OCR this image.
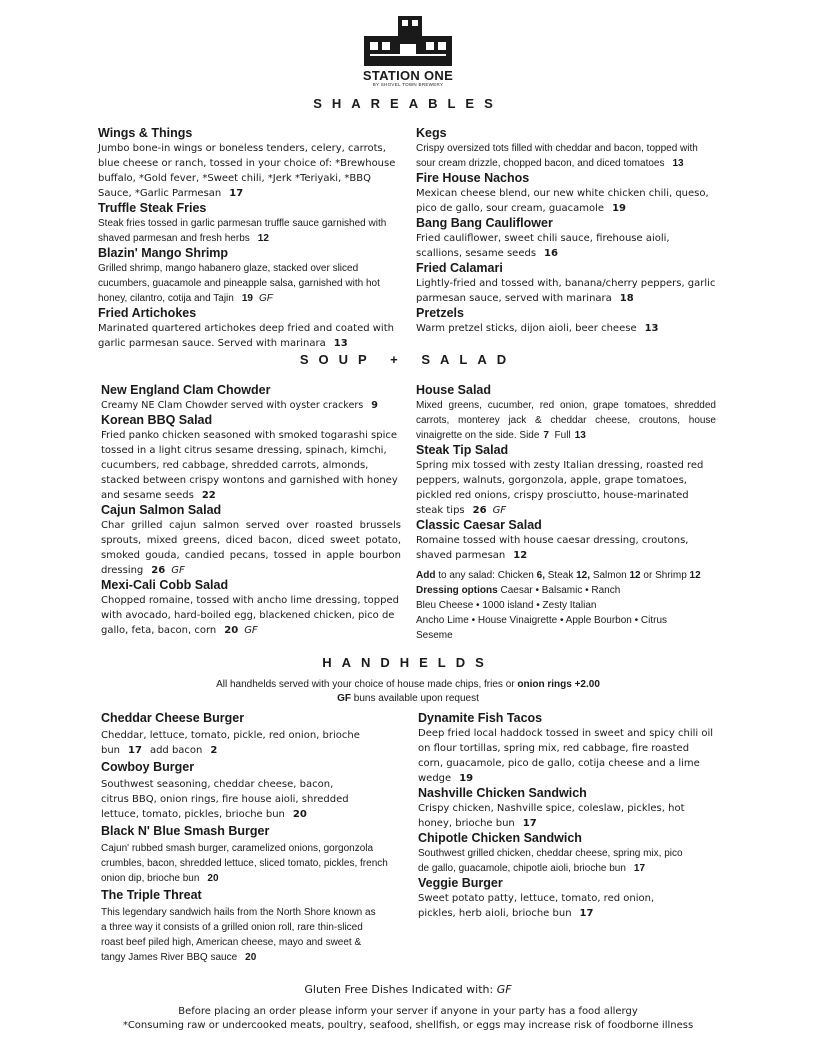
STATION ONE
BY SHOVEL TOWN BREWERY
SHAREABLES
Wings & Things
Jumbo bone-in wings or boneless tenders, celery, carrots, blue cheese or ranch, tossed in your choice of: *Brewhouse buffalo, *Gold fever, *Sweet chili, *Jerk *Teriyaki, *BBQ Sauce, *Garlic Parmesan 17
Truffle Steak Fries
Steak fries tossed in garlic parmesan truffle sauce garnished with shaved parmesan and fresh herbs 12
Blazin' Mango Shrimp
Grilled shrimp, mango habanero glaze, stacked over sliced cucumbers, guacamole and pineapple salsa, garnished with hot honey, cilantro, cotija and Tajin 19 GF
Fried Artichokes
Marinated quartered artichokes deep fried and coated with garlic parmesan sauce. Served with marinara 13
Kegs
Crispy oversized tots filled with cheddar and bacon, topped with sour cream drizzle, chopped bacon, and diced tomatoes 13
Fire House Nachos
Mexican cheese blend, our new white chicken chili, queso, pico de gallo, sour cream, guacamole 19
Bang Bang Cauliflower
Fried cauliflower, sweet chili sauce, firehouse aioli, scallions, sesame seeds 16
Fried Calamari
Lightly-fried and tossed with, banana/cherry peppers, garlic parmesan sauce, served with marinara 18
Pretzels
Warm pretzel sticks, dijon aioli, beer cheese 13
SOUP + SALAD
New England Clam Chowder
Creamy NE Clam Chowder served with oyster crackers 9
Korean BBQ Salad
Fried panko chicken seasoned with smoked togarashi spice tossed in a light citrus sesame dressing, spinach, kimchi, cucumbers, red cabbage, shredded carrots, almonds, stacked between crispy wontons and garnished with honey and sesame seeds 22
Cajun Salmon Salad
Char grilled cajun salmon served over roasted brussels sprouts, mixed greens, diced bacon, diced sweet potato, smoked gouda, candied pecans, tossed in apple bourbon dressing 26 GF
Mexi-Cali Cobb Salad
Chopped romaine, tossed with ancho lime dressing, topped with avocado, hard-boiled egg, blackened chicken, pico de gallo, feta, bacon, corn 20 GF
House Salad
Mixed greens, cucumber, red onion, grape tomatoes, shredded carrots, monterey jack & cheddar cheese, croutons, house vinaigrette on the side. Side 7 Full 13
Steak Tip Salad
Spring mix tossed with zesty Italian dressing, roasted red peppers, walnuts, gorgonzola, apple, grape tomatoes, pickled red onions, crispy prosciutto, house-marinated steak tips 26 GF
Classic Caesar Salad
Romaine tossed with house caesar dressing, croutons, shaved parmesan 12
Add to any salad: Chicken 6, Steak 12, Salmon 12 or Shrimp 12
Dressing options Caesar • Balsamic • Ranch
Bleu Cheese • 1000 island • Zesty Italian
Ancho Lime • House Vinaigrette • Apple Bourbon • Citrus
Seseme
HANDHELDS
All handhelds served with your choice of house made chips, fries or onion rings +2.00
GF buns available upon request
Cheddar Cheese Burger
Cheddar, lettuce, tomato, pickle, red onion, brioche bun 17 add bacon 2
Cowboy Burger
Southwest seasoning, cheddar cheese, bacon, citrus BBQ, onion rings, fire house aioli, shredded lettuce, tomato, pickles, brioche bun 20
Black N' Blue Smash Burger
Cajun' rubbed smash burger, caramelized onions, gorgonzola crumbles, bacon, shredded lettuce, sliced tomato, pickles, french onion dip, brioche bun 20
The Triple Threat
This legendary sandwich hails from the North Shore known as a three way it consists of a grilled onion roll, rare thin-sliced roast beef piled high, American cheese, mayo and sweet & tangy James River BBQ sauce 20
Dynamite Fish Tacos
Deep fried local haddock tossed in sweet and spicy chili oil on flour tortillas, spring mix, red cabbage, fire roasted corn, guacamole, pico de gallo, cotija cheese and a lime wedge 19
Nashville Chicken Sandwich
Crispy chicken, Nashville spice, coleslaw, pickles, hot honey, brioche bun 17
Chipotle Chicken Sandwich
Southwest grilled chicken, cheddar cheese, spring mix, pico de gallo, guacamole, chipotle aioli, brioche bun 17
Veggie Burger
Sweet potato patty, lettuce, tomato, red onion, pickles, herb aioli, brioche bun 17
Gluten Free Dishes Indicated with: GF
Before placing an order please inform your server if anyone in your party has a food allergy
*Consuming raw or undercooked meats, poultry, seafood, shellfish, or eggs may increase risk of foodborne illness
